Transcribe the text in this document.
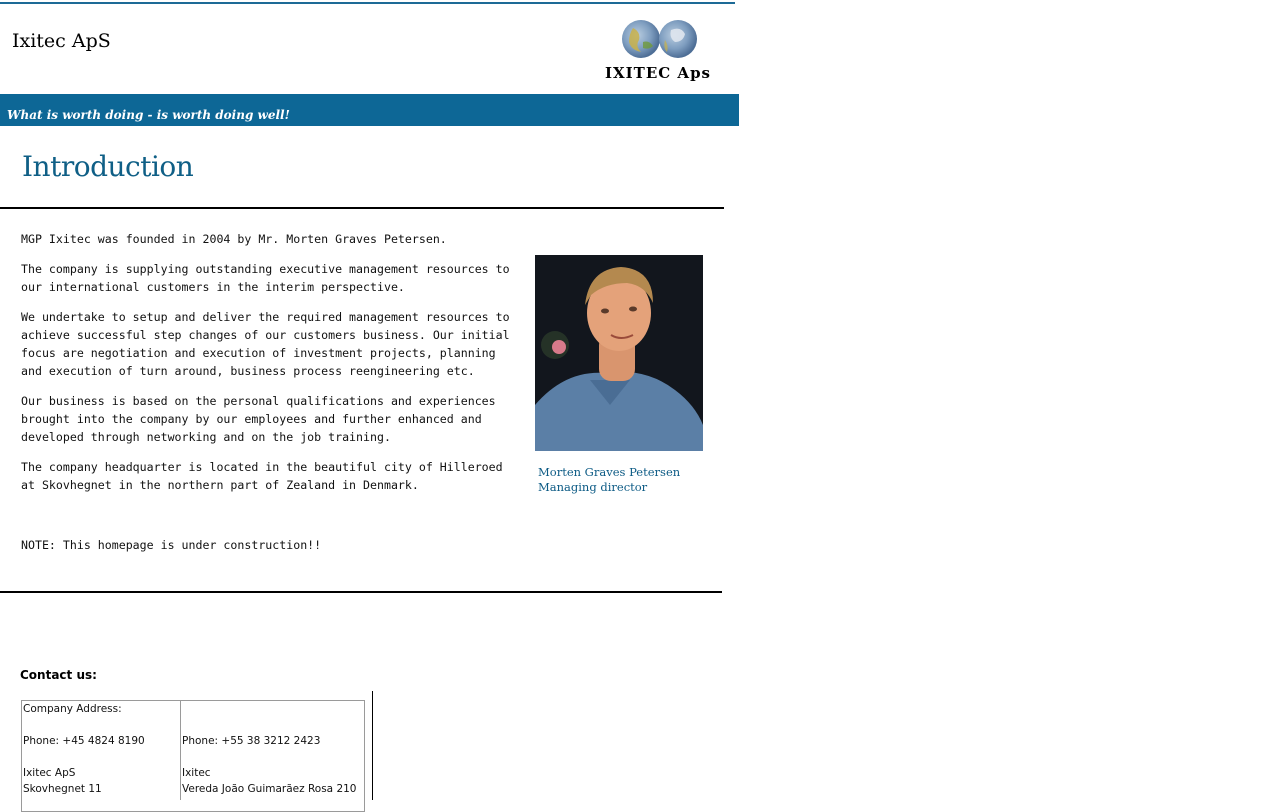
Ixitec ApS
IXITEC Aps
What is worth doing - is worth doing well!
Introduction
MGP Ixitec was founded in 2004 by Mr. Morten Graves Petersen.
The company is supplying outstanding executive management resources to our international customers in the interim perspective.
We undertake to setup and deliver the required management resources to achieve successful step changes of our customers business. Our initial focus are negotiation and execution of investment projects, planning and execution of turn around, business process reengineering etc.
Our business is based on the personal qualifications and experiences brought into the company by our employees and further enhanced and developed through networking and on the job training.
The company headquarter is located in the beautiful city of Hilleroed at Skovhegnet in the northern part of Zealand in Denmark.
NOTE: This homepage is under construction!!
Morten Graves Petersen
Managing director
Contact us:
Company Address:
Phone: +45 4824 8190	Phone: +55 38 3212 2423
Ixitec ApS	Ixitec
Skovhegnet 11	Vereda João Guimarãez Rosa 210
